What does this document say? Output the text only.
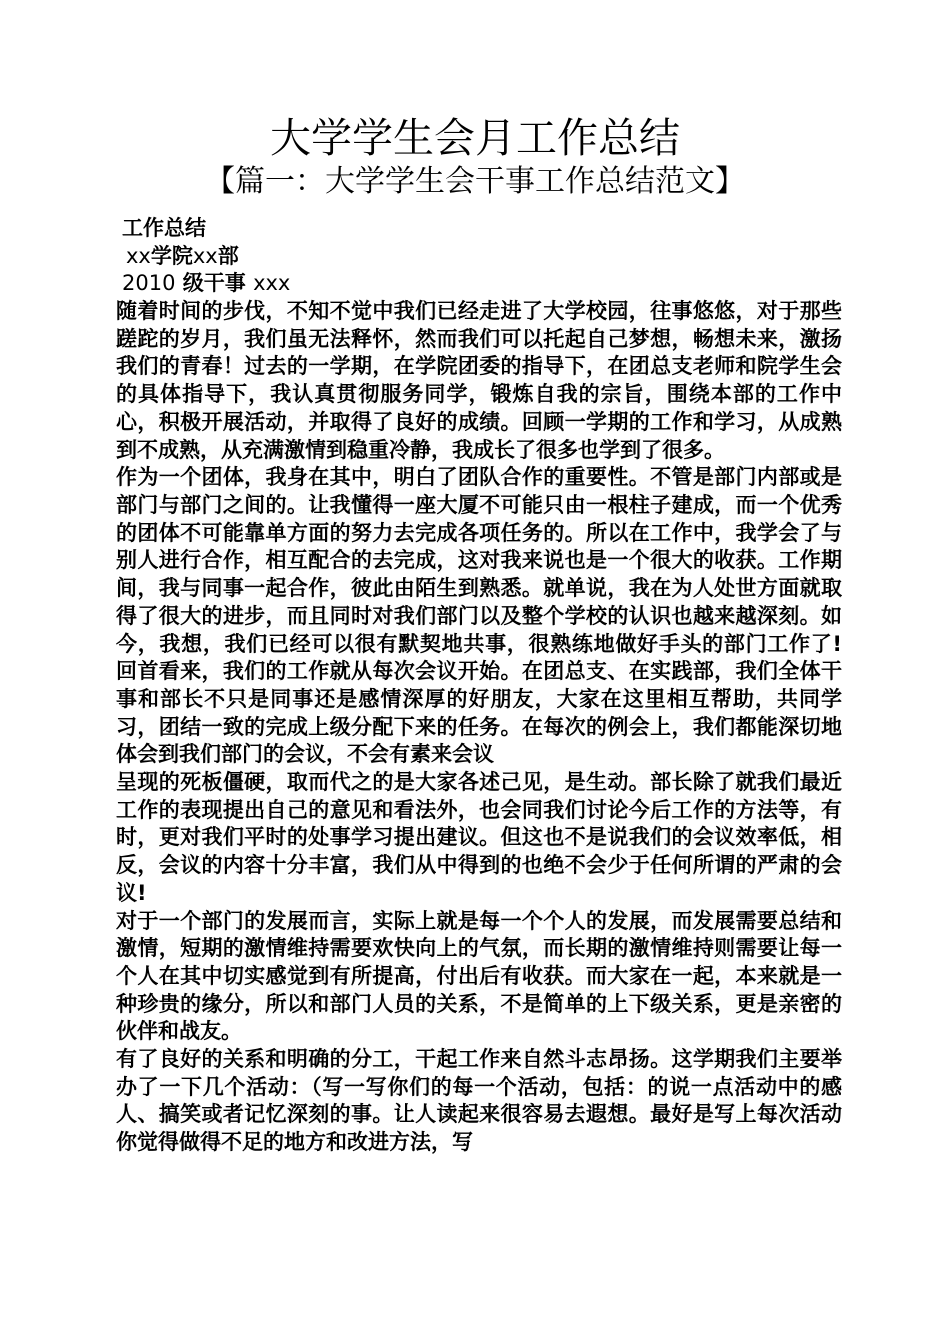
大学学生会月工作总结
【篇一：大学学生会干事工作总结范文】
工作总结
xx学院xx部
2010 级干事 xxx

随着时间的步伐，不知不觉中我们已经走进了大学校园，往事悠悠，对于那些蹉跎的岁月，我们虽无法释怀，然而我们可以托起自己梦想，畅想未来，激扬我们的青春！过去的一学期，在学院团委的指导下，在团总支老师和院学生会的具体指导下，我认真贯彻服务同学，锻炼自我的宗旨，围绕本部的工作中心，积极开展活动，并取得了良好的成绩。回顾一学期的工作和学习，从成熟到不成熟，从充满激情到稳重冷静，我成长了很多也学到了很多。

作为一个团体，我身在其中，明白了团队合作的重要性。不管是部门内部或是部门与部门之间的。让我懂得一座大厦不可能只由一根柱子建成，而一个优秀的团体不可能靠单方面的努力去完成各项任务的。所以在工作中，我学会了与别人进行合作，相互配合的去完成，这对我来说也是一个很大的收获。工作期间，我与同事一起合作，彼此由陌生到熟悉。就单说，我在为人处世方面就取得了很大的进步，而且同时对我们部门以及整个学校的认识也越来越深刻。如今，我想，我们已经可以很有默契地共事，很熟练地做好手头的部门工作了! 回首看来，我们的工作就从每次会议开始。在团总支、在实践部，我们全体干事和部长不只是同事还是感情深厚的好朋友，大家在这里相互帮助，共同学习，团结一致的完成上级分配下来的任务。在每次的例会上，我们都能深切地体会到我们部门的会议，不会有素来会议

呈现的死板僵硬，取而代之的是大家各述己见，是生动。部长除了就我们最近工作的表现提出自己的意见和看法外，也会同我们讨论今后工作的方法等，有时，更对我们平时的处事学习提出建议。但这也不是说我们的会议效率低，相反，会议的内容十分丰富，我们从中得到的也绝不会少于任何所谓的严肃的会议!

对于一个部门的发展而言，实际上就是每一个个人的发展，而发展需要总结和激情，短期的激情维持需要欢快向上的气氛，而长期的激情维持则需要让每一个人在其中切实感觉到有所提高，付出后有收获。而大家在一起，本来就是一种珍贵的缘分，所以和部门人员的关系，不是简单的上下级关系，更是亲密的伙伴和战友。

有了良好的关系和明确的分工，干起工作来自然斗志昂扬。这学期我们主要举办了一下几个活动：（写一写你们的每一个活动，包括：的说一点活动中的感人、搞笑或者记忆深刻的事。让人读起来很容易去遐想。最好是写上每次活动你觉得做得不足的地方和改进方法，写
